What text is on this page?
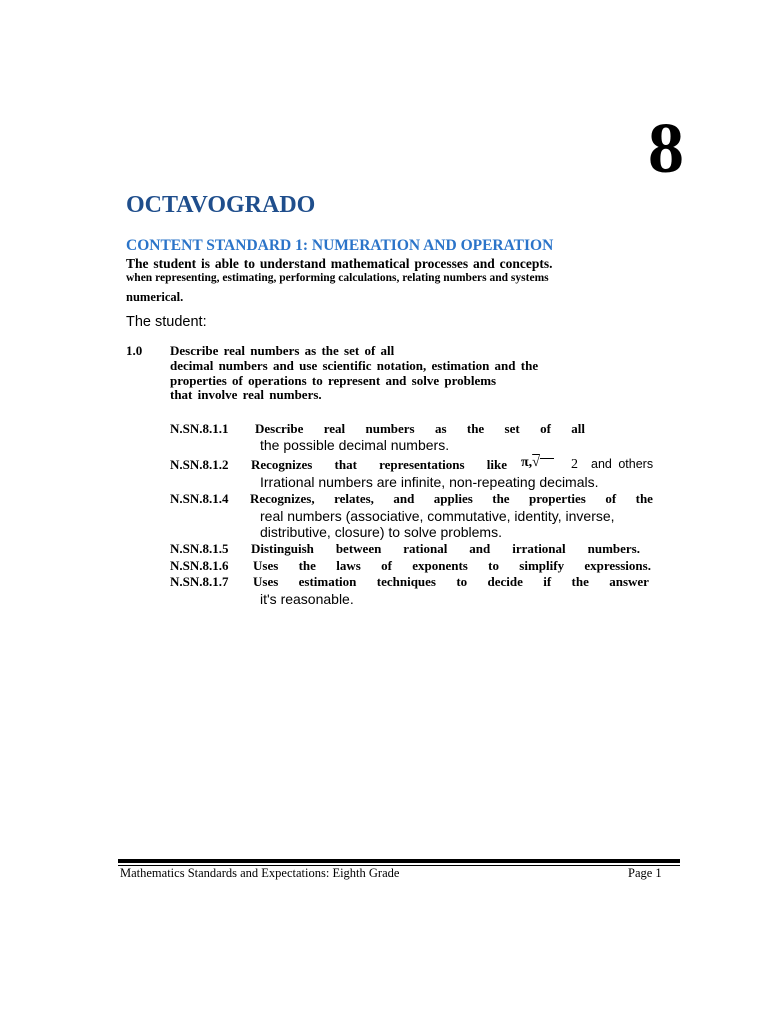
8
OCTAVOGRADO
CONTENT STANDARD 1: NUMERATION AND OPERATION
The student is able to understand mathematical processes and concepts.
when representing, estimating, performing calculations, relating numbers and systems
numerical.
The student:
1.0 Describe real numbers as the set of all
decimal numbers and use scientific notation, estimation and the
properties of operations to represent and solve problems
that involve real numbers.
N.SN.8.1.1 Describe real numbers as the set of all
the possible decimal numbers.
N.SN.8.1.2 Recognizes that representations like π,√	2 and others
Irrational numbers are infinite, non-repeating decimals.
N.SN.8.1.4 Recognizes, relates, and applies the properties of the
real numbers (associative, commutative, identity, inverse,
distributive, closure) to solve problems.
N.SN.8.1.5 Distinguish between rational and irrational numbers.
N.SN.8.1.6 Uses the laws of exponents to simplify expressions.
N.SN.8.1.7 Uses estimation techniques to decide if the answer
it's reasonable.
Mathematics Standards and Expectations: Eighth Grade	Page 1
